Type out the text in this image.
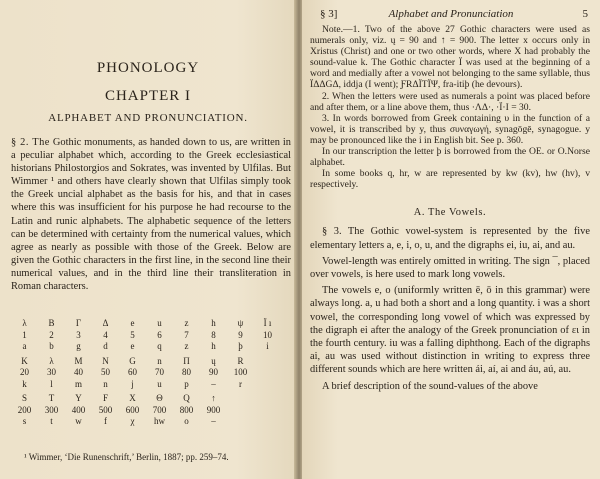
PHONOLOGY
CHAPTER I
ALPHABET AND PRONUNCIATION.

§ 2. The Gothic monuments, as handed down to us, are written in a peculiar alphabet which, according to the Greek ecclesiastical historians Philostorgios and Sokrates, was invented by Ulfilas. But Wimmer ¹ and others have clearly shown that Ulfilas simply took the Greek uncial alphabet as the basis for his, and that in cases where this was insufficient for his purpose he had recourse to the Latin and runic alphabets. The alphabetic sequence of the letters can be determined with certainty from the numerical values, which agree as nearly as possible with those of the Greek. Below are given the Gothic characters in the first line, in the second line their numerical values, and in the third line their transliteration in Roman characters.

λ	B	Γ	Δ	e	u	z	h	ψ	Ï ı
1	2	3	4	5	6	7	8	9	10
a	b	g	d	e	q	z	h	þ	i
K	λ	M	N	G	n	Π	ų	R
20	30	40	50	60	70	80	90	100
k	l	m	n	j	u	p	–	r
S	T	Y	F	X	Θ	Q	↑
200	300	400	500	600	700	800	900
s	t	w	f	χ	hw	o	–
¹ Wimmer, ‘Die Runenschrift,’ Berlin, 1887; pp. 259–74.
§ 3]	Alphabet and Pronunciation	5

Note.—1. Two of the above 27 Gothic characters were used as numerals only, viz. ų = 90 and ↑ = 900. The letter x occurs only in Xristus (Christ) and one or two other words, where X had probably the sound-value k. The Gothic character Ï was used at the beginning of a word and medially after a vowel not belonging to the same syllable, thus ÏΔΔGΔ, iddja (I went); ƑRΔΪТΪΨ, fra-itiþ (he devours).

2. When the letters were used as numerals a point was placed before and after them, or a line above them, thus ·ΛΔ·, ·Ï·Ι = 30.

3. In words borrowed from Greek containing υ in the function of a vowel, it is transcribed by y, thus συναγωγή, synagōgē, synagogue. y may be pronounced like the i in English bit. See p. 360.

In our transcription the letter þ is borrowed from the OE. or O.Norse alphabet.

In some books q, hr, w are represented by kw (kv), hw (hv), v respectively.

A. The Vowels.

§ 3. The Gothic vowel-system is represented by the five elementary letters a, e, i, o, u, and the digraphs ei, iu, ai, and au.

Vowel-length was entirely omitted in writing. The sign ¯, placed over vowels, is here used to mark long vowels.

The vowels e, o (uniformly written ē, ō in this grammar) were always long. a, u had both a short and a long quantity. i was a short vowel, the corresponding long vowel of which was expressed by the digraph ei after the analogy of the Greek pronunciation of ει in the fourth century. iu was a falling diphthong. Each of the digraphs ai, au was used without distinction in writing to express three different sounds which are here written ái, aí, ai and áu, aú, au.

A brief description of the sound-values of the above
